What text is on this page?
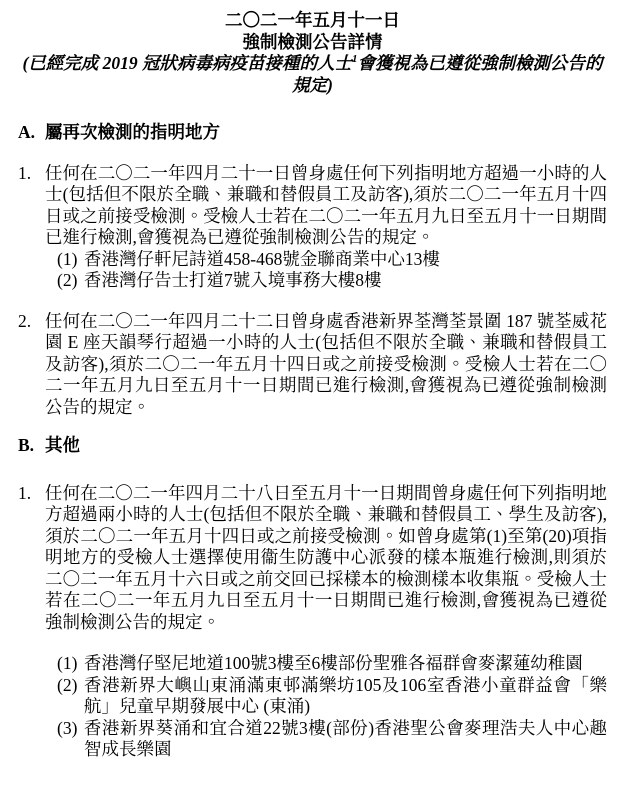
二〇二一年五月十一日
強制檢測公告詳情
(已經完成 2019 冠狀病毒病疫苗接種的人士$^1$會獲視為已遵從強制檢測公告的規定)
A. 屬再次檢測的指明地方
1. 任何在二〇二一年四月二十一日曾身處任何下列指明地方超過一小時的人士(包括但不限於全職、兼職和替假員工及訪客),須於二〇二一年五月十四日或之前接受檢測。受檢人士若在二〇二一年五月九日至五月十一日期間已進行檢測,會獲視為已遵從強制檢測公告的規定。
(1) 香港灣仔軒尼詩道458-468號金聯商業中心13樓
(2) 香港灣仔告士打道7號入境事務大樓8樓
2. 任何在二〇二一年四月二十二日曾身處香港新界荃灣荃景圍 187 號荃威花園 E 座天韻琴行超過一小時的人士(包括但不限於全職、兼職和替假員工及訪客),須於二〇二一年五月十四日或之前接受檢測。受檢人士若在二〇二一年五月九日至五月十一日期間已進行檢測,會獲視為已遵從強制檢測公告的規定。
B. 其他
1. 任何在二〇二一年四月二十八日至五月十一日期間曾身處任何下列指明地方超過兩小時的人士(包括但不限於全職、兼職和替假員工、學生及訪客),須於二〇二一年五月十四日或之前接受檢測。如曾身處第(1)至第(20)項指明地方的受檢人士選擇使用衞生防護中心派發的樣本瓶進行檢測,則須於二〇二一年五月十六日或之前交回已採樣本的檢測樣本收集瓶。受檢人士若在二〇二一年五月九日至五月十一日期間已進行檢測,會獲視為已遵從強制檢測公告的規定。
(1) 香港灣仔堅尼地道100號3樓至6樓部份聖雅各福群會麥潔蓮幼稚園
(2) 香港新界大嶼山東涌滿東邨滿樂坊105及106室香港小童群益會「樂航」兒童早期發展中心 (東涌)
(3) 香港新界葵涌和宜合道22號3樓(部份)香港聖公會麥理浩夫人中心趣智成長樂園
